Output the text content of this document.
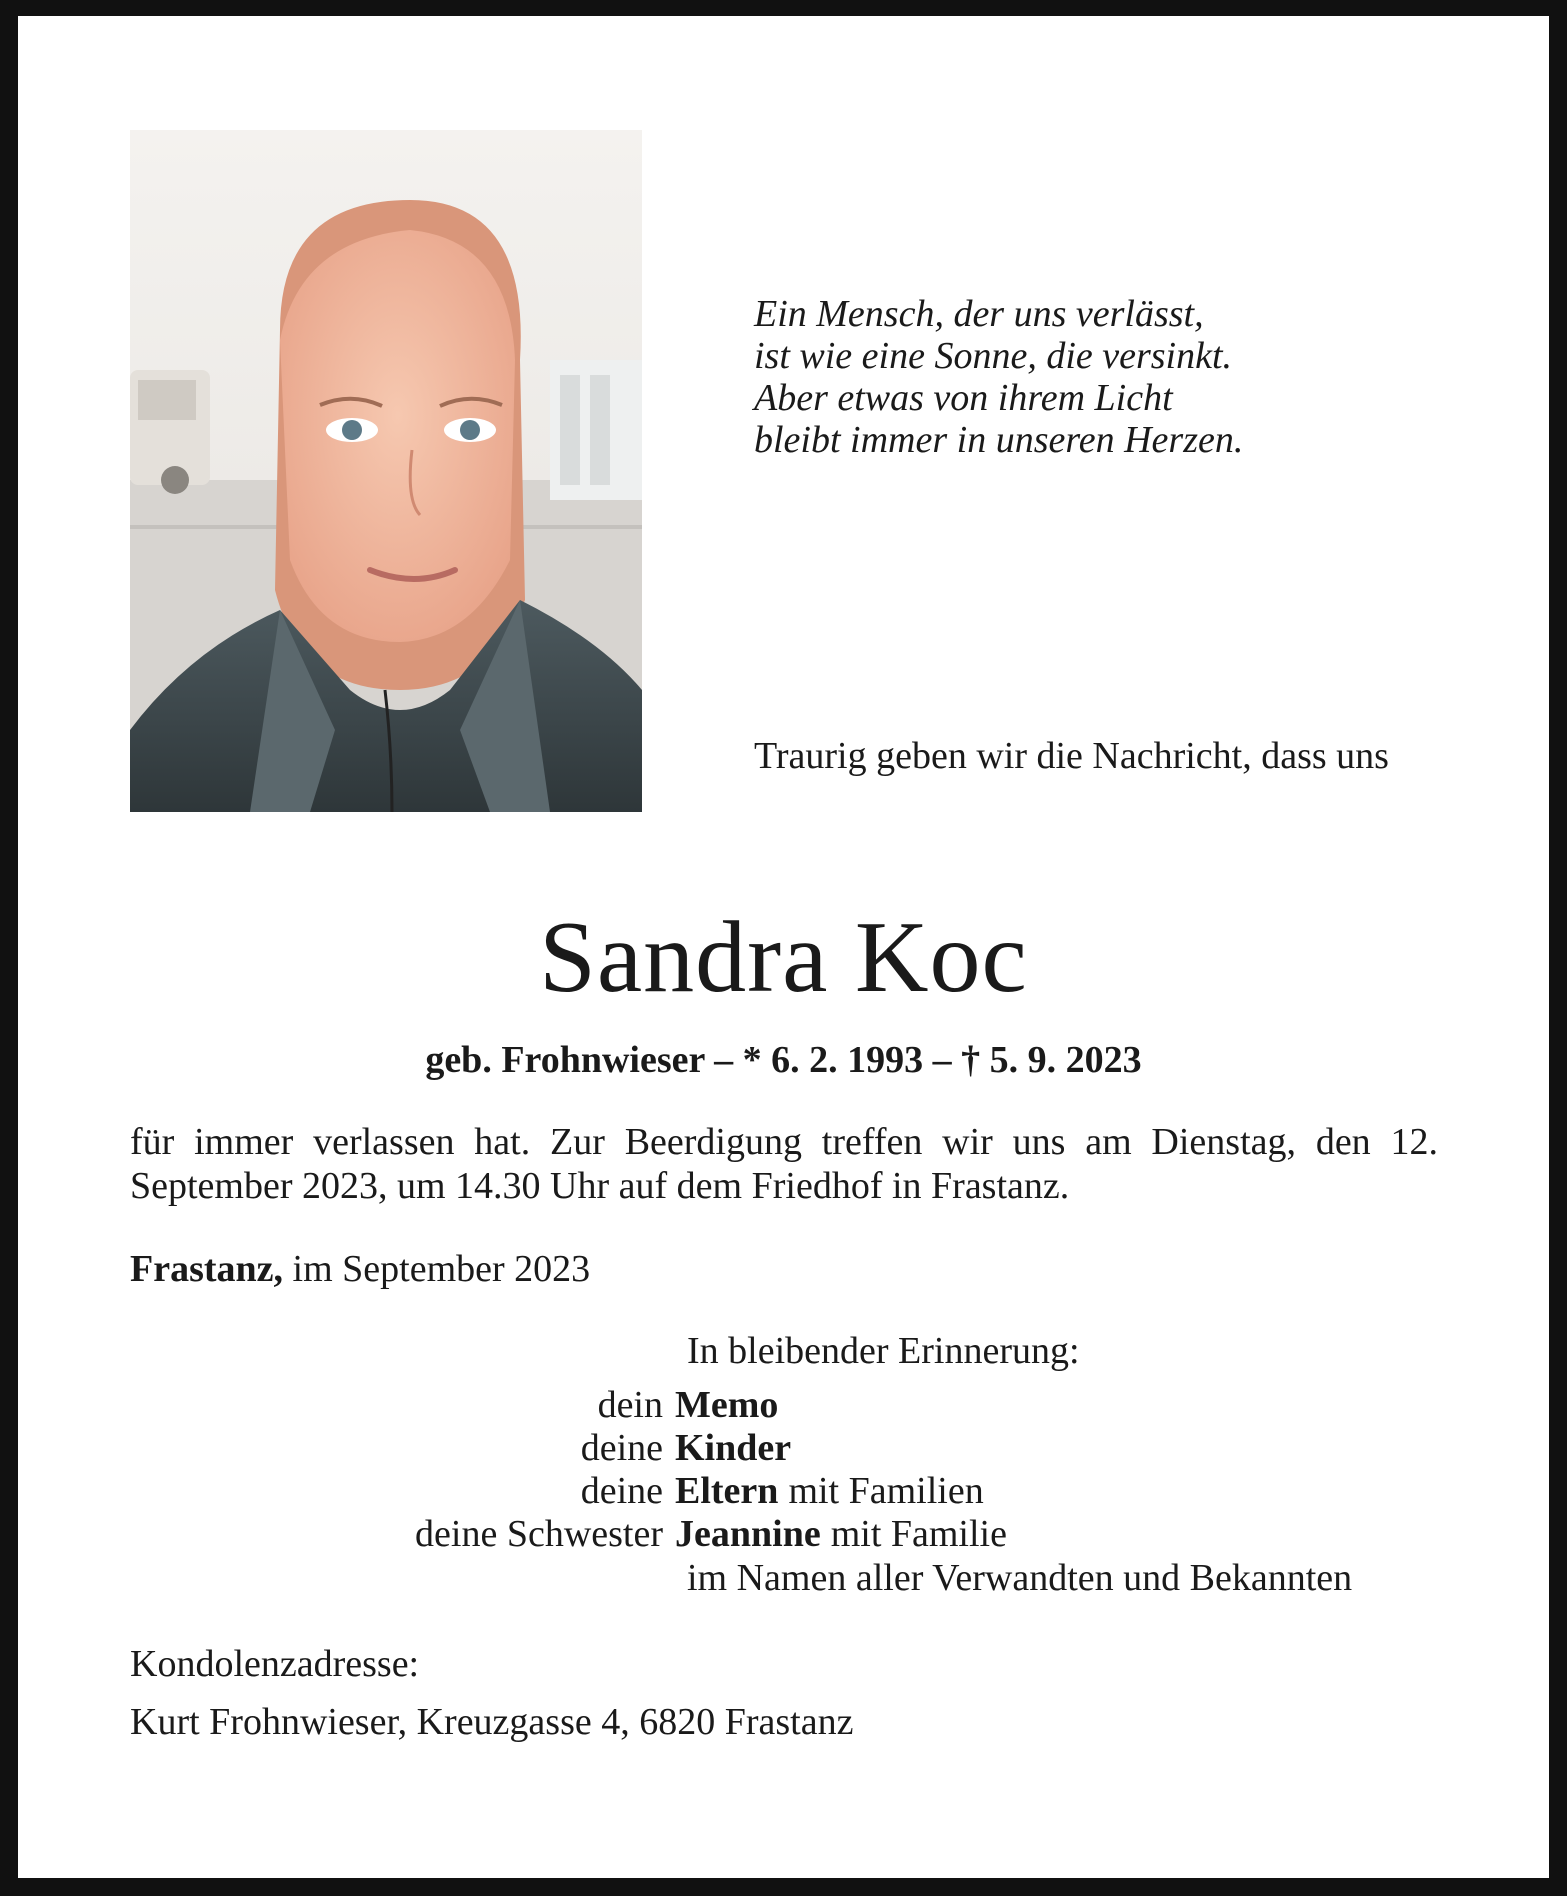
Ein Mensch, der uns verlässt,
ist wie eine Sonne, die versinkt.
Aber etwas von ihrem Licht
bleibt immer in unseren Herzen.
Traurig geben wir die Nachricht, dass uns
Sandra Koc
geb. Frohnwieser – * 6. 2. 1993 – † 5. 9. 2023
für immer verlassen hat. Zur Beerdigung treffen wir uns am Dienstag, den 12. September 2023, um 14.30 Uhr auf dem Friedhof in Frastanz.
Frastanz, im September 2023
In bleibender Erinnerung:
dein Memo
deine Kinder
deine Eltern mit Familien
deine Schwester Jeannine mit Familie
im Namen aller Verwandten und Bekannten
Kondolenzadresse:
Kurt Frohnwieser, Kreuzgasse 4, 6820 Frastanz
